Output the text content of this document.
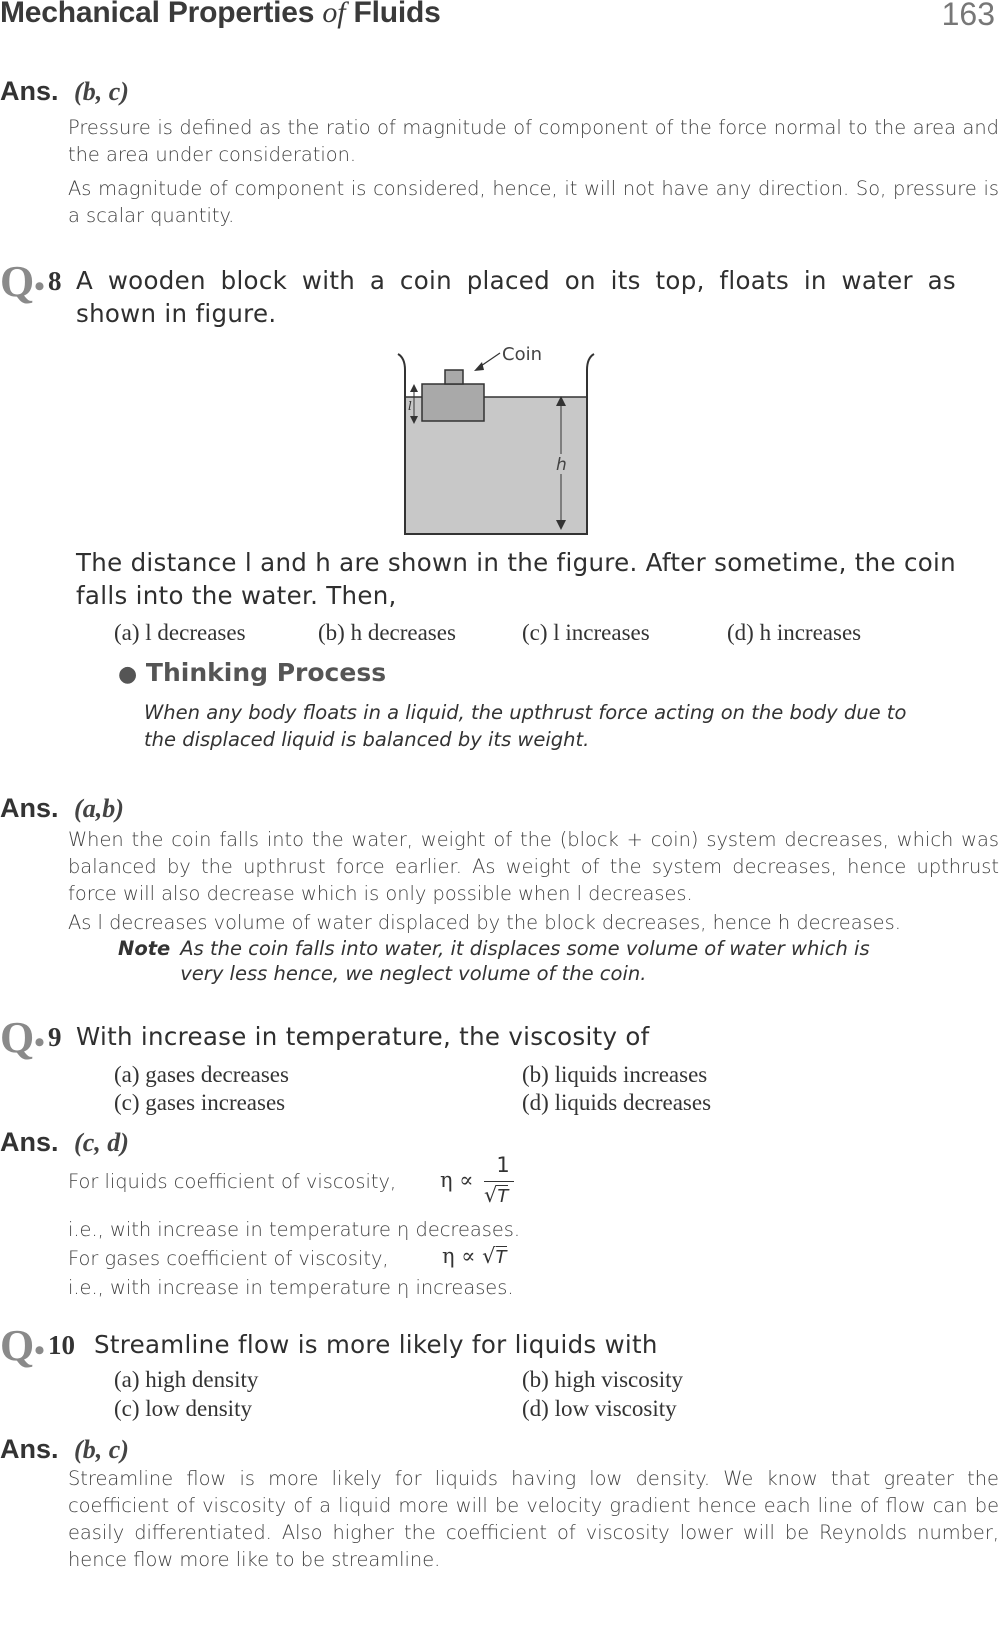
Mechanical Properties of Fluids	163
Ans. (b, c)

Pressure is defined as the ratio of magnitude of component of the force normal to the area and the area under consideration.

As magnitude of component is considered, hence, it will not have any direction. So, pressure is a scalar quantity.

Q• 8 A wooden block with a coin placed on its top, floats in water as shown in figure.
l
h
Coin
The distance l and h are shown in the figure. After sometime, the coin falls into the water. Then,
(a) l decreases	(b) h decreases	(c) l increases	(d) h increases
● Thinking Process
When any body floats in a liquid, the upthrust force acting on the body due to the displaced liquid is balanced by its weight.
Ans. (a,b)

When the coin falls into the water, weight of the (block + coin) system decreases, which was balanced by the upthrust force earlier. As weight of the system decreases, hence upthrust force will also decrease which is only possible when l decreases.

As l decreases volume of water displaced by the block decreases, hence h decreases.

Note As the coin falls into water, it displaces some volume of water which is very less hence, we neglect volume of the coin.
Q• 9 With increase in temperature, the viscosity of
(a) gases decreases	(b) liquids increases
(c) gases increases	(d) liquids decreases
Ans. (c, d)
For liquids coefficient of viscosity,	η ∝
1
√T
i.e., with increase in temperature η decreases.
For gases coefficient of viscosity,	η ∝ √T
i.e., with increase in temperature η increases.
Q• 10 Streamline flow is more likely for liquids with
(a) high density	(b) high viscosity
(c) low density	(d) low viscosity
Ans. (b, c)

Streamline flow is more likely for liquids having low density. We know that greater the coefficient of viscosity of a liquid more will be velocity gradient hence each line of flow can be easily differentiated. Also higher the coefficient of viscosity lower will be Reynolds number, hence flow more like to be streamline.
